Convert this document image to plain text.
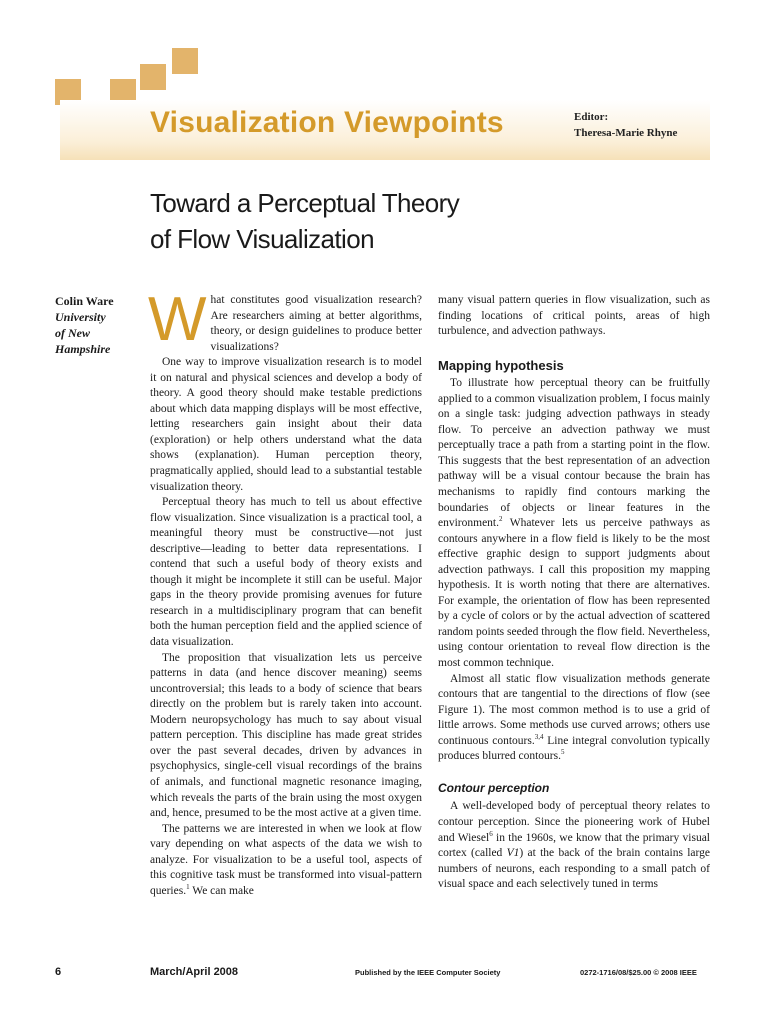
Visualization Viewpoints	Editor:
Theresa-Marie Rhyne
Toward a Perceptual Theory
of Flow Visualization
Colin Ware
University
of New
Hampshire What constitutes good visualization research? Are researchers aiming at better algorithms, theory, or design guidelines to produce better visualizations?

One way to improve visualization research is to model it on natural and physical sciences and develop a body of theory. A good theory should make testable predictions about which data mapping displays will be most effective, letting researchers gain insight about their data (exploration) or help others understand what the data shows (explanation). Human perception theory, pragmatically applied, should lead to a substantial testable visualization theory.

Perceptual theory has much to tell us about effective flow visualization. Since visualization is a practical tool, a meaningful theory must be constructive—not just descriptive—leading to better data representations. I contend that such a useful body of theory exists and though it might be incomplete it still can be useful. Major gaps in the theory provide promising avenues for future research in a multidisciplinary program that can benefit both the human perception field and the applied science of data visualization.

The proposition that visualization lets us perceive patterns in data (and hence discover meaning) seems uncontroversial; this leads to a body of science that bears directly on the problem but is rarely taken into account. Modern neuropsychology has much to say about visual pattern perception. This discipline has made great strides over the past several decades, driven by advances in psychophysics, single-cell visual recordings of the brains of animals, and functional magnetic resonance imaging, which reveals the parts of the brain using the most oxygen and, hence, presumed to be the most active at a given time.

The patterns we are interested in when we look at flow vary depending on what aspects of the data we wish to analyze. For visualization to be a useful tool, aspects of this cognitive task must be transformed into visual-pattern queries.$^1$ We can make

many visual pattern queries in flow visualization, such as finding locations of critical points, areas of high turbulence, and advection pathways.

Mapping hypothesis

To illustrate how perceptual theory can be fruitfully applied to a common visualization problem, I focus mainly on a single task: judging advection pathways in steady flow. To perceive an advection pathway we must perceptually trace a path from a starting point in the flow. This suggests that the best representation of an advection pathway will be a visual contour because the brain has mechanisms to rapidly find contours marking the boundaries of objects or linear features in the environment.$^2$ Whatever lets us perceive pathways as contours anywhere in a flow field is likely to be the most effective graphic design to support judgments about advection pathways. I call this proposition my mapping hypothesis. It is worth noting that there are alternatives. For example, the orientation of flow has been represented by a cycle of colors or by the actual advection of scattered random points seeded through the flow field. Nevertheless, using contour orientation to reveal flow direction is the most common technique.

Almost all static flow visualization methods generate contours that are tangential to the directions of flow (see Figure 1). The most common method is to use a grid of little arrows. Some methods use curved arrows; others use continuous contours.$^{3,4}$ Line integral convolution typically produces blurred contours.$^5$

Contour perception

A well-developed body of perceptual theory relates to contour perception. Since the pioneering work of Hubel and Wiesel$^6$ in the 1960s, we know that the primary visual cortex (called V1) at the back of the brain contains large numbers of neurons, each responding to a small patch of visual space and each selectively tuned in terms

6	March/April 2008	Published by the IEEE Computer Society	0272-1716/08/$25.00 © 2008 IEEE
